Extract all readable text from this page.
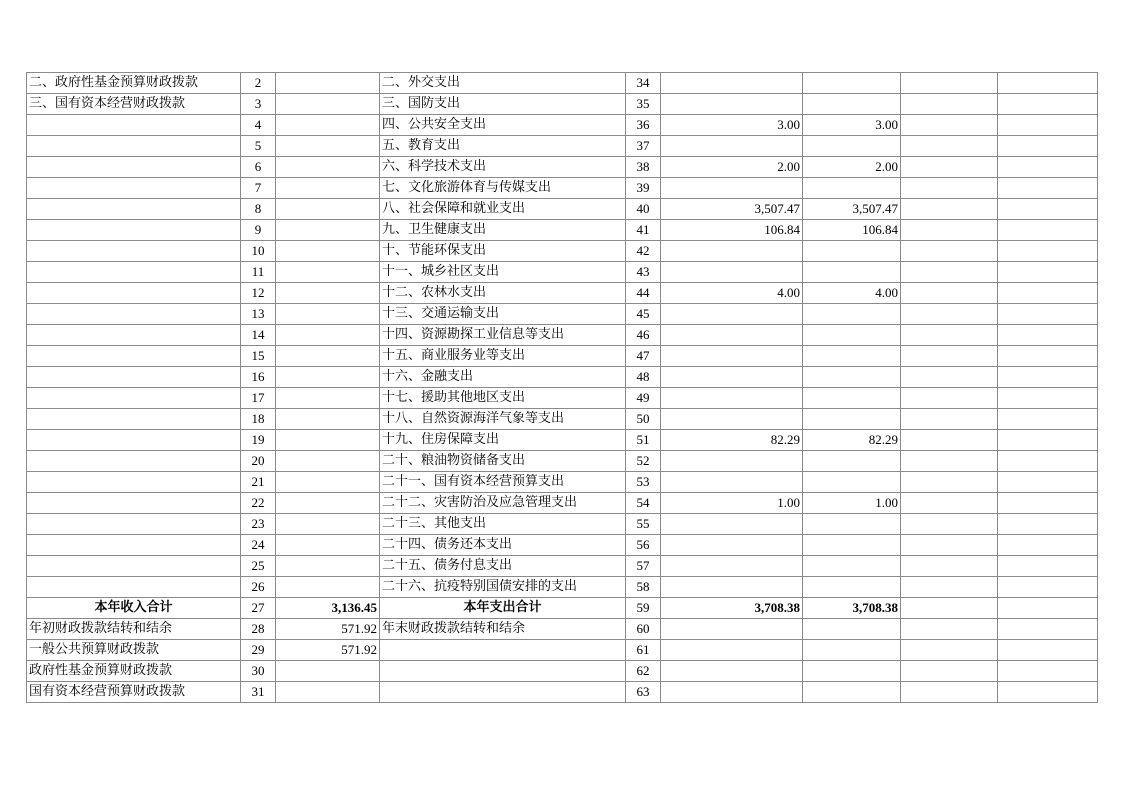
二、政府性基金预算财政拨款	2		二、外交支出	34				
三、国有资本经营财政拨款	3		三、国防支出	35				
	4		四、公共安全支出	36	3.00	3.00		
	5		五、教育支出	37				
	6		六、科学技术支出	38	2.00	2.00		
	7		七、文化旅游体育与传媒支出	39				
	8		八、社会保障和就业支出	40	3,507.47	3,507.47		
	9		九、卫生健康支出	41	106.84	106.84		
	10		十、节能环保支出	42				
	11		十一、城乡社区支出	43				
	12		十二、农林水支出	44	4.00	4.00		
	13		十三、交通运输支出	45				
	14		十四、资源勘探工业信息等支出	46				
	15		十五、商业服务业等支出	47				
	16		十六、金融支出	48				
	17		十七、援助其他地区支出	49				
	18		十八、自然资源海洋气象等支出	50				
	19		十九、住房保障支出	51	82.29	82.29		
	20		二十、粮油物资储备支出	52				
	21		二十一、国有资本经营预算支出	53				
	22		二十二、灾害防治及应急管理支出	54	1.00	1.00		
	23		二十三、其他支出	55				
	24		二十四、债务还本支出	56				
	25		二十五、债务付息支出	57				
	26		二十六、抗疫特别国债安排的支出	58				
本年收入合计	27	3,136.45	本年支出合计	59	3,708.38	3,708.38		
年初财政拨款结转和结余	28	571.92	年末财政拨款结转和结余	60				
一般公共预算财政拨款	29	571.92		61				
政府性基金预算财政拨款	30			62				
国有资本经营预算财政拨款	31			63				
